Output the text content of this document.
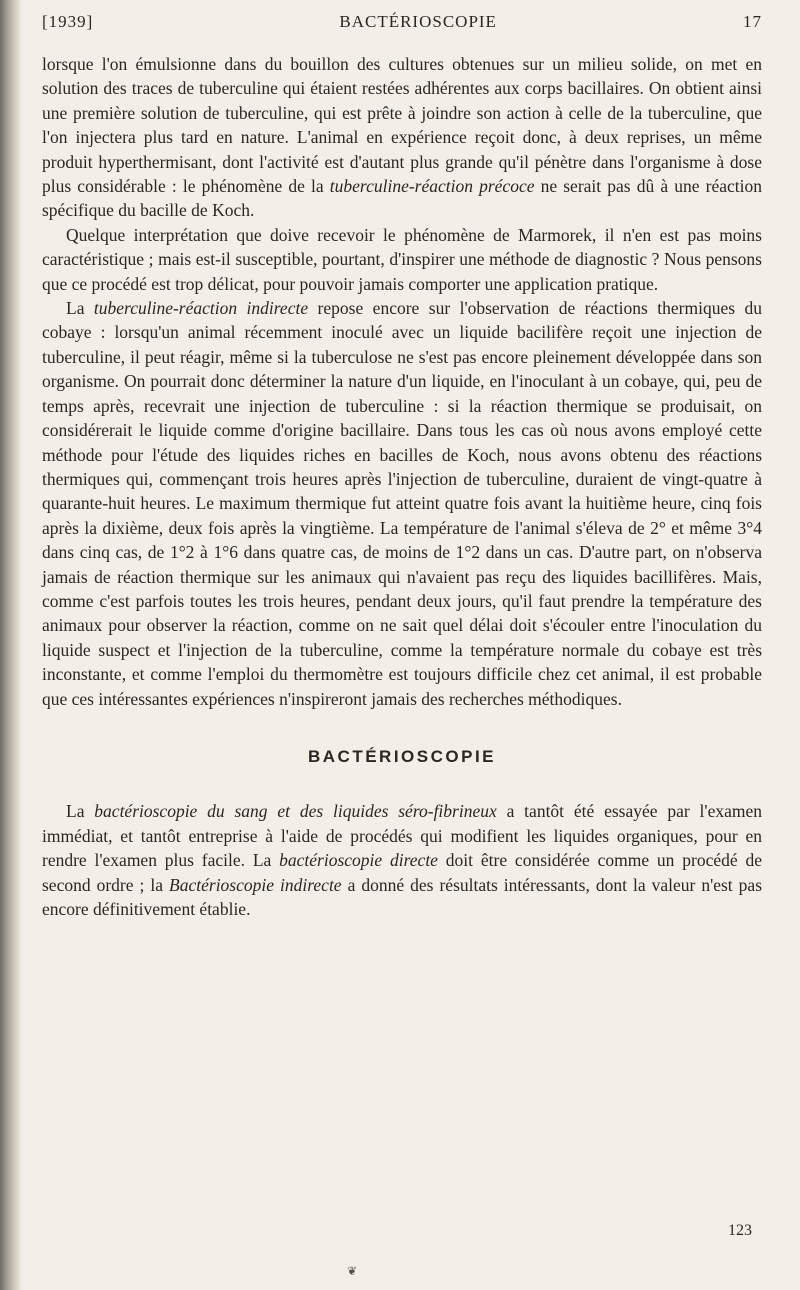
[1939]	BACTÉRIOSCOPIE	17

lorsque l'on émulsionne dans du bouillon des cultures obtenues sur un milieu solide, on met en solution des traces de tuberculine qui étaient restées adhérentes aux corps bacillaires. On obtient ainsi une première solution de tuberculine, qui est prête à joindre son action à celle de la tuberculine, que l'on injectera plus tard en nature. L'animal en expérience reçoit donc, à deux reprises, un même produit hyperthermisant, dont l'activité est d'autant plus grande qu'il pénètre dans l'organisme à dose plus considérable : le phénomène de la tuberculine-réaction précoce ne serait pas dû à une réaction spécifique du bacille de Koch.

Quelque interprétation que doive recevoir le phénomène de Marmorek, il n'en est pas moins caractéristique ; mais est-il susceptible, pourtant, d'inspirer une méthode de diagnostic ? Nous pensons que ce procédé est trop délicat, pour pouvoir jamais comporter une application pratique.

La tuberculine-réaction indirecte repose encore sur l'observation de réactions thermiques du cobaye : lorsqu'un animal récemment inoculé avec un liquide bacilifère reçoit une injection de tuberculine, il peut réagir, même si la tuberculose ne s'est pas encore pleinement développée dans son organisme. On pourrait donc déterminer la nature d'un liquide, en l'inoculant à un cobaye, qui, peu de temps après, recevrait une injection de tuberculine : si la réaction thermique se produisait, on considérerait le liquide comme d'origine bacillaire. Dans tous les cas où nous avons employé cette méthode pour l'étude des liquides riches en bacilles de Koch, nous avons obtenu des réactions thermiques qui, commençant trois heures après l'injection de tuberculine, duraient de vingt-quatre à quarante-huit heures. Le maximum thermique fut atteint quatre fois avant la huitième heure, cinq fois après la dixième, deux fois après la vingtième. La température de l'animal s'éleva de 2° et même 3°4 dans cinq cas, de 1°2 à 1°6 dans quatre cas, de moins de 1°2 dans un cas. D'autre part, on n'observa jamais de réaction thermique sur les animaux qui n'avaient pas reçu des liquides bacillifères. Mais, comme c'est parfois toutes les trois heures, pendant deux jours, qu'il faut prendre la température des animaux pour observer la réaction, comme on ne sait quel délai doit s'écouler entre l'inoculation du liquide suspect et l'injection de la tuberculine, comme la température normale du cobaye est très inconstante, et comme l'emploi du thermomètre est toujours difficile chez cet animal, il est probable que ces intéressantes expériences n'inspireront jamais des recherches méthodiques.

BACTÉRIOSCOPIE

La bactérioscopie du sang et des liquides séro-fibrineux a tantôt été essayée par l'examen immédiat, et tantôt entreprise à l'aide de procédés qui modifient les liquides organiques, pour en rendre l'examen plus facile. La bactérioscopie directe doit être considérée comme un procédé de second ordre ; la Bactérioscopie indirecte a donné des résultats intéressants, dont la valeur n'est pas encore définitivement établie.

123
❦
